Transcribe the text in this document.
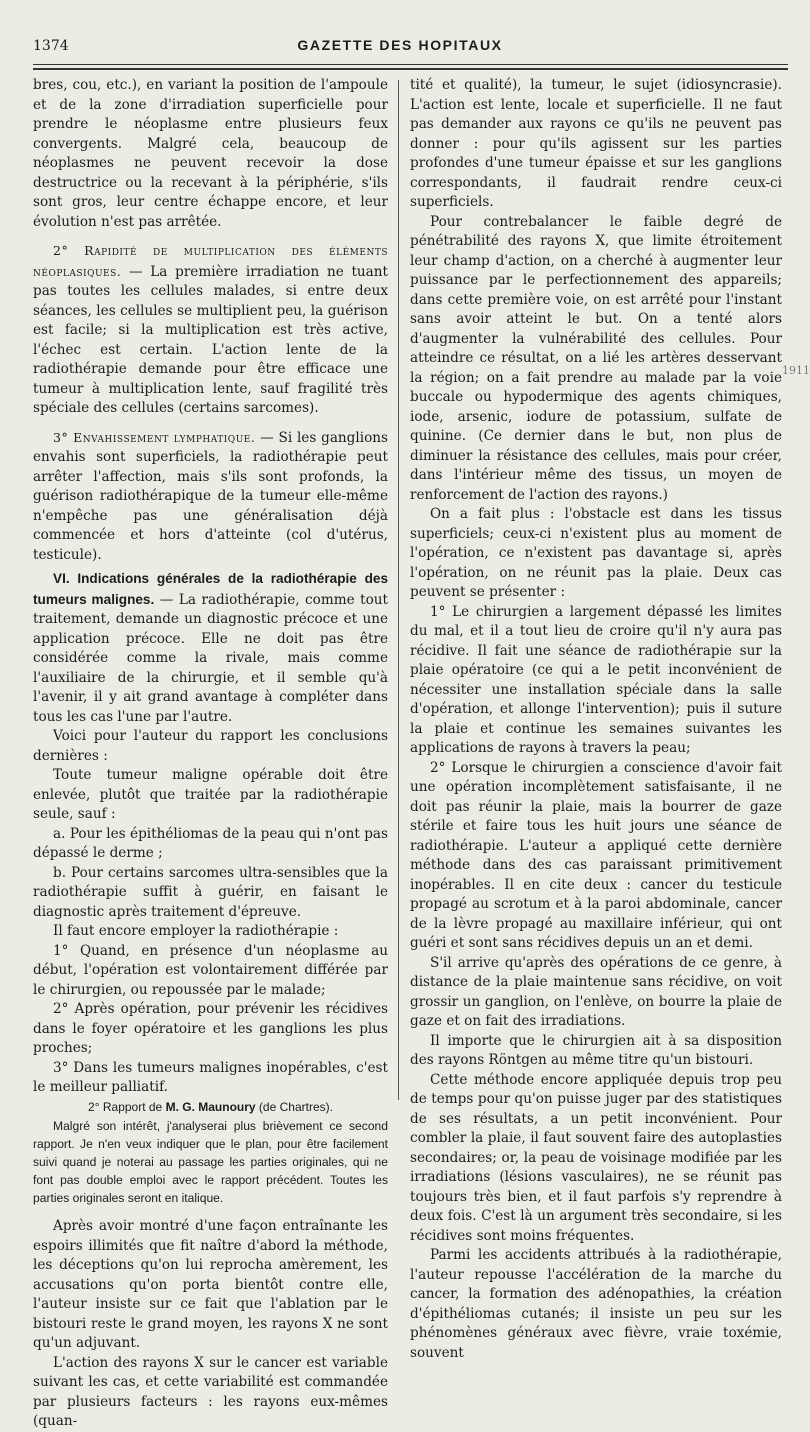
1374	GAZETTE DES HOPITAUX

bres, cou, etc.), en variant la position de l'ampoule et de la zone d'irradiation superficielle pour prendre le néoplasme entre plusieurs feux convergents. Malgré cela, beaucoup de néoplasmes ne peuvent recevoir la dose destructrice ou la recevant à la périphérie, s'ils sont gros, leur centre échappe encore, et leur évolution n'est pas arrêtée.

2° Rapidité de multiplication des éléments néoplasiques. — La première irradiation ne tuant pas toutes les cellules malades, si entre deux séances, les cellules se multiplient peu, la guérison est facile; si la multiplication est très active, l'échec est certain. L'action lente de la radiothérapie demande pour être efficace une tumeur à multiplication lente, sauf fragilité très spéciale des cellules (certains sarcomes).

3° Envahissement lymphatique. — Si les ganglions envahis sont superficiels, la radiothérapie peut arrêter l'affection, mais s'ils sont profonds, la guérison radiothérapique de la tumeur elle-même n'empêche pas une généralisation déjà commencée et hors d'atteinte (col d'utérus, testicule).

VI. Indications générales de la radiothérapie des tumeurs malignes. — La radiothérapie, comme tout traitement, demande un diagnostic précoce et une application précoce. Elle ne doit pas être considérée comme la rivale, mais comme l'auxiliaire de la chirurgie, et il semble qu'à l'avenir, il y ait grand avantage à compléter dans tous les cas l'une par l'autre.

Voici pour l'auteur du rapport les conclusions dernières :

Toute tumeur maligne opérable doit être enlevée, plutôt que traitée par la radiothérapie seule, sauf :

a. Pour les épithéliomas de la peau qui n'ont pas dépassé le derme ;

b. Pour certains sarcomes ultra-sensibles que la radiothérapie suffit à guérir, en faisant le diagnostic après traitement d'épreuve.

Il faut encore employer la radiothérapie :

1° Quand, en présence d'un néoplasme au début, l'opération est volontairement différée par le chirurgien, ou repoussée par le malade;

2° Après opération, pour prévenir les récidives dans le foyer opératoire et les ganglions les plus proches;

3° Dans les tumeurs malignes inopérables, c'est le meilleur palliatif.

2° Rapport de M. G. Maunoury (de Chartres).

Malgré son intérêt, j'analyserai plus brièvement ce second rapport. Je n'en veux indiquer que le plan, pour être facilement suivi quand je noterai au passage les parties originales, qui ne font pas double emploi avec le rapport précédent. Toutes les parties originales seront en italique.

Après avoir montré d'une façon entraînante les espoirs illimités que fit naître d'abord la méthode, les déceptions qu'on lui reprocha amèrement, les accusations qu'on porta bientôt contre elle, l'auteur insiste sur ce fait que l'ablation par le bistouri reste le grand moyen, les rayons X ne sont qu'un adjuvant.

L'action des rayons X sur le cancer est variable suivant les cas, et cette variabilité est commandée par plusieurs facteurs : les rayons eux-mêmes (quan-

tité et qualité), la tumeur, le sujet (idiosyncrasie). L'action est lente, locale et superficielle. Il ne faut pas demander aux rayons ce qu'ils ne peuvent pas donner : pour qu'ils agissent sur les parties profondes d'une tumeur épaisse et sur les ganglions correspondants, il faudrait rendre ceux-ci superficiels.

Pour contrebalancer le faible degré de pénétrabilité des rayons X, que limite étroitement leur champ d'action, on a cherché à augmenter leur puissance par le perfectionnement des appareils; dans cette première voie, on est arrêté pour l'instant sans avoir atteint le but. On a tenté alors d'augmenter la vulnérabilité des cellules. Pour atteindre ce résultat, on a lié les artères desservant la région; on a fait prendre au malade par la voie buccale ou hypodermique des agents chimiques, iode, arsenic, iodure de potassium, sulfate de quinine. (Ce dernier dans le but, non plus de diminuer la résistance des cellules, mais pour créer, dans l'intérieur même des tissus, un moyen de renforcement de l'action des rayons.)

On a fait plus : l'obstacle est dans les tissus superficiels; ceux-ci n'existent plus au moment de l'opération, ce n'existent pas davantage si, après l'opération, on ne réunit pas la plaie. Deux cas peuvent se présenter :

1° Le chirurgien a largement dépassé les limites du mal, et il a tout lieu de croire qu'il n'y aura pas récidive. Il fait une séance de radiothérapie sur la plaie opératoire (ce qui a le petit inconvénient de nécessiter une installation spéciale dans la salle d'opération, et allonge l'intervention); puis il suture la plaie et continue les semaines suivantes les applications de rayons à travers la peau;

2° Lorsque le chirurgien a conscience d'avoir fait une opération incomplètement satisfaisante, il ne doit pas réunir la plaie, mais la bourrer de gaze stérile et faire tous les huit jours une séance de radiothérapie. L'auteur a appliqué cette dernière méthode dans des cas paraissant primitivement inopérables. Il en cite deux : cancer du testicule propagé au scrotum et à la paroi abdominale, cancer de la lèvre propagé au maxillaire inférieur, qui ont guéri et sont sans récidives depuis un an et demi.

S'il arrive qu'après des opérations de ce genre, à distance de la plaie maintenue sans récidive, on voit grossir un ganglion, on l'enlève, on bourre la plaie de gaze et on fait des irradiations.

Il importe que le chirurgien ait à sa disposition des rayons Röntgen au même titre qu'un bistouri.

Cette méthode encore appliquée depuis trop peu de temps pour qu'on puisse juger par des statistiques de ses résultats, a un petit inconvénient. Pour combler la plaie, il faut souvent faire des autoplasties secondaires; or, la peau de voisinage modifiée par les irradiations (lésions vasculaires), ne se réunit pas toujours très bien, et il faut parfois s'y reprendre à deux fois. C'est là un argument très secondaire, si les récidives sont moins fréquentes.

Parmi les accidents attribués à la radiothérapie, l'auteur repousse l'accélération de la marche du cancer, la formation des adénopathies, la création d'épithéliomas cutanés; il insiste un peu sur les phénomènes généraux avec fièvre, vraie toxémie, souvent

1911
